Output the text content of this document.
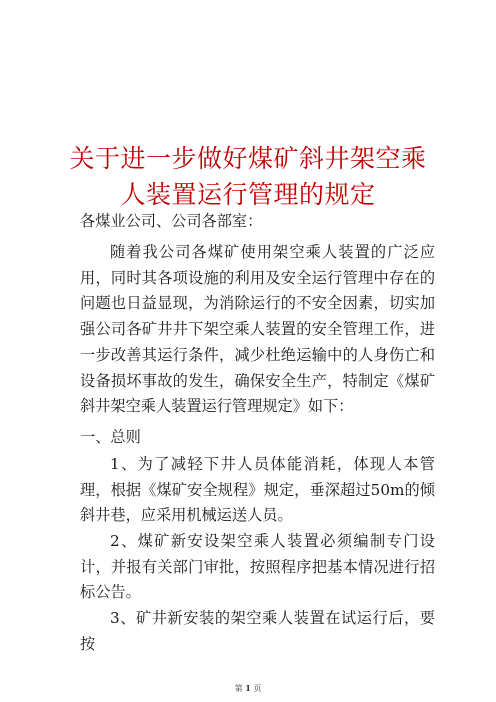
关于进一步做好煤矿斜井架空乘
人装置运行管理的规定
各煤业公司、公司各部室：
随着我公司各煤矿使用架空乘人装置的广泛应用，同时其各项设施的利用及安全运行管理中存在的问题也日益显现，为消除运行的不安全因素，切实加强公司各矿井井下架空乘人装置的安全管理工作，进一步改善其运行条件，减少杜绝运输中的人身伤亡和设备损坏事故的发生，确保安全生产，特制定《煤矿斜井架空乘人装置运行管理规定》如下：
一、总则
1、为了减轻下井人员体能消耗，体现人本管理，根据《煤矿安全规程》规定，垂深超过50m的倾斜井巷，应采用机械运送人员。
2、煤矿新安设架空乘人装置必须编制专门设计，并报有关部门审批，按照程序把基本情况进行招标公告。
3、矿井新安装的架空乘人装置在试运行后，要按
第 1 页
